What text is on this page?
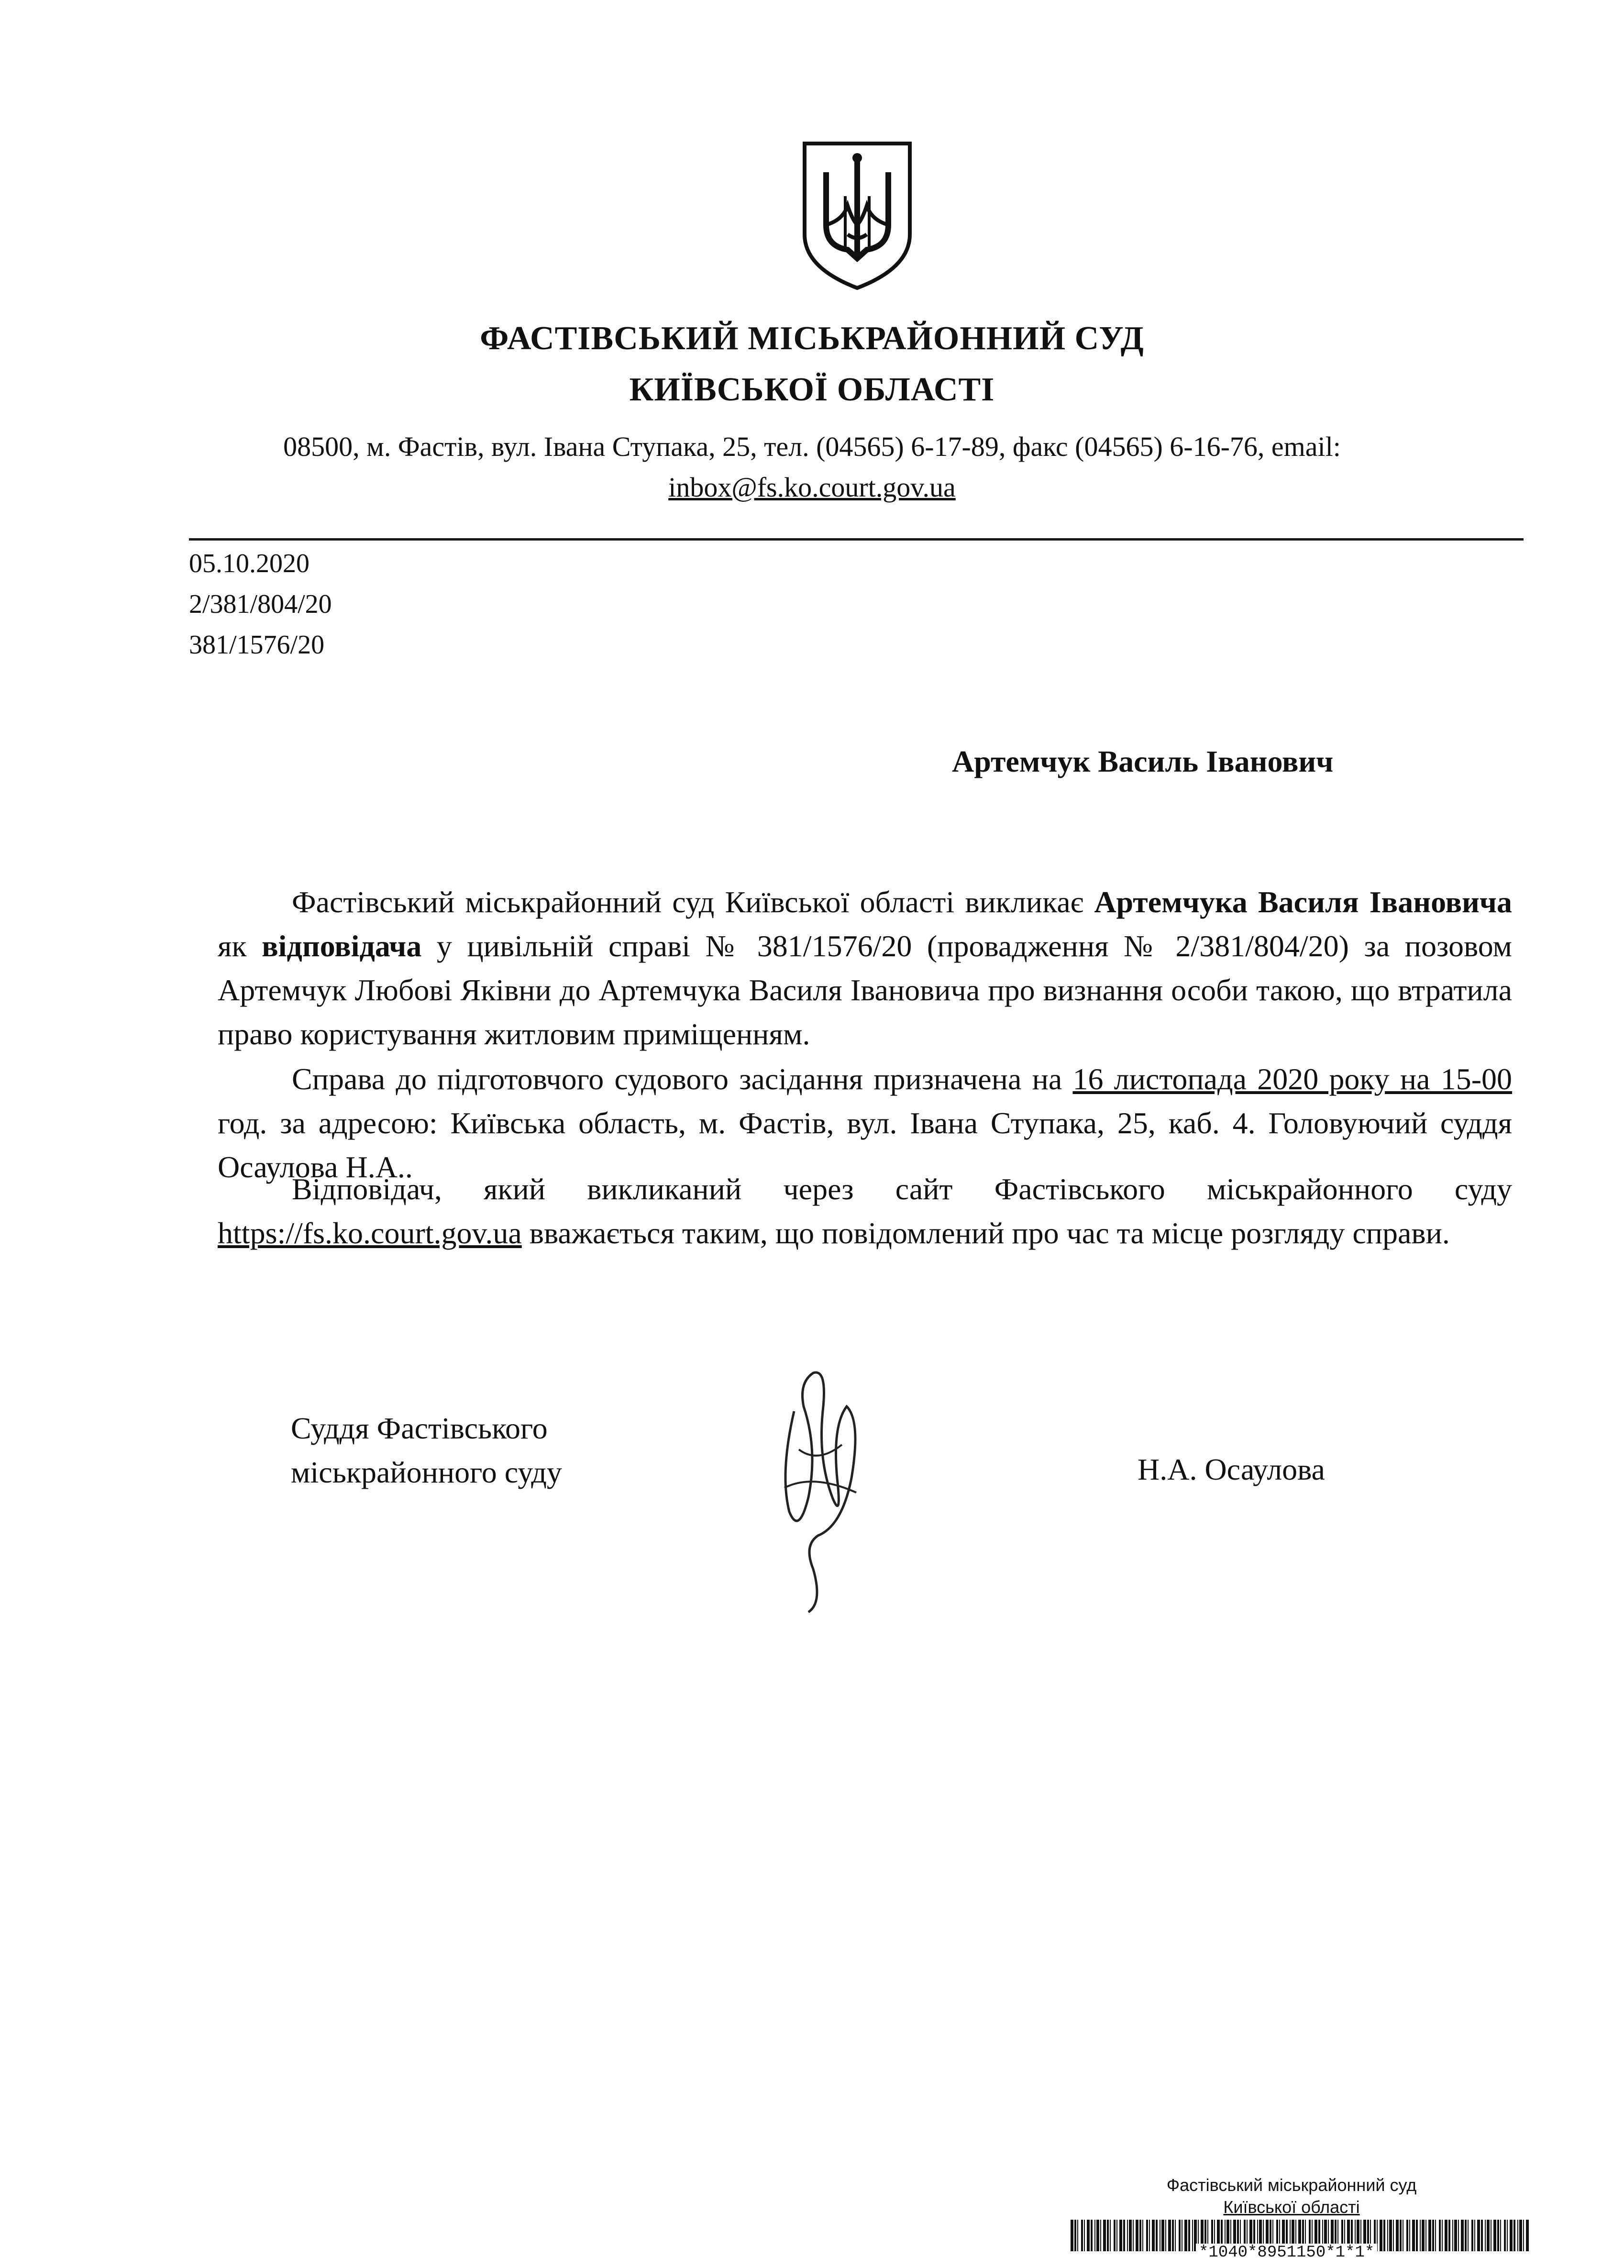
ФАСТІВСЬКИЙ МІСЬКРАЙОННИЙ СУД
КИЇВСЬКОЇ ОБЛАСТІ
08500, м. Фастів, вул. Івана Ступака, 25, тел. (04565) 6-17-89, факс (04565) 6-16-76, email:
inbox@fs.ko.court.gov.ua
05.10.2020
2/381/804/20
381/1576/20
Артемчук Василь Іванович

Фастівський міськрайонний суд Київської області викликає Артемчука Василя Івановича як відповідача у цивільній справі № 381/1576/20 (провадження № 2/381/804/20) за позовом Артемчук Любові Яківни до Артемчука Василя Івановича про визнання особи такою, що втратила право користування житловим приміщенням.

Справа до підготовчого судового засідання призначена на 16 листопада 2020 року на 15-00 год. за адресою: Київська область, м. Фастів, вул. Івана Ступака, 25, каб. 4. Головуючий суддя Осаулова Н.А..

Відповідач, який викликаний через сайт Фастівського міськрайонного суду https://fs.ko.court.gov.ua вважається таким, що повідомлений про час та місце розгляду справи.

Суддя Фастівського
міськрайонного суду	Н.А. Осаулова
Фастівський міськрайонний суд
Київської області
*1040*8951150*1*1*
